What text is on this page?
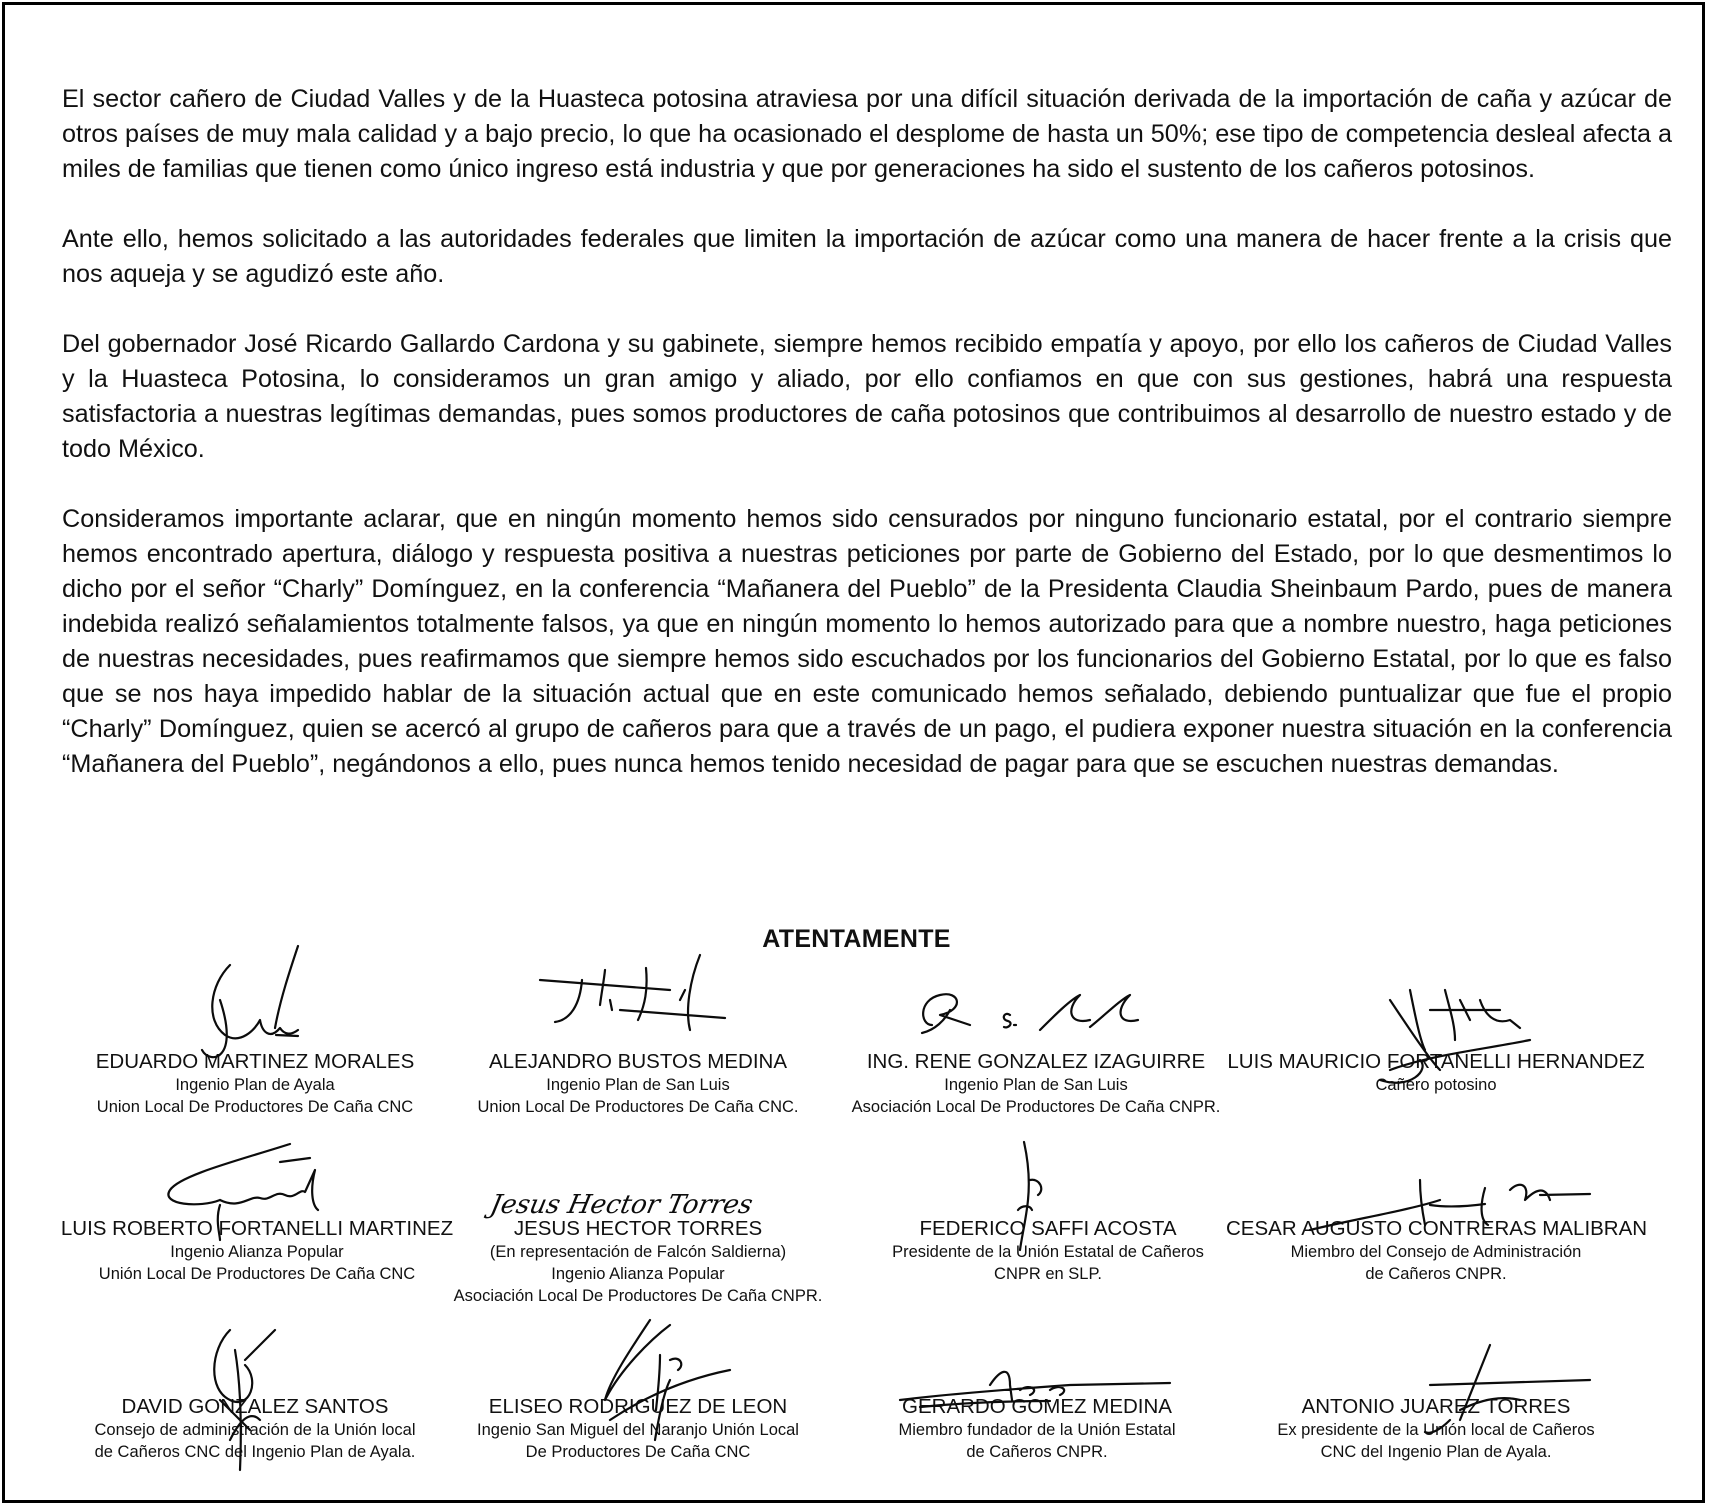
El sector cañero de Ciudad Valles y de la Huasteca potosina atraviesa por una difícil situación derivada de la importación de caña y azúcar de otros países de muy mala calidad y a bajo precio, lo que ha ocasionado el desplome de hasta un 50%; ese tipo de competencia desleal afecta a miles de familias que tienen como único ingreso está industria y que por generaciones ha sido el sustento de los cañeros potosinos.

Ante ello, hemos solicitado a las autoridades federales que limiten la importación de azúcar como una manera de hacer frente a la crisis que nos aqueja y se agudizó este año.

Del gobernador José Ricardo Gallardo Cardona y su gabinete, siempre hemos recibido empatía y apoyo, por ello los cañeros de Ciudad Valles y la Huasteca Potosina, lo consideramos un gran amigo y aliado, por ello confiamos en que con sus gestiones, habrá una respuesta satisfactoria a nuestras legítimas demandas, pues somos productores de caña potosinos que contribuimos al desarrollo de nuestro estado y de todo México.

Consideramos importante aclarar, que en ningún momento hemos sido censurados por ninguno funcionario estatal, por el contrario siempre hemos encontrado apertura, diálogo y respuesta positiva a nuestras peticiones por parte de Gobierno del Estado, por lo que desmentimos lo dicho por el señor “Charly” Domínguez, en la conferencia “Mañanera del Pueblo” de la Presidenta Claudia Sheinbaum Pardo, pues de manera indebida realizó señalamientos totalmente falsos, ya que en ningún momento lo hemos autorizado para que a nombre nuestro, haga peticiones de nuestras necesidades, pues reafirmamos que siempre hemos sido escuchados por los funcionarios del Gobierno Estatal, por lo que es falso que se nos haya impedido hablar de la situación actual que en este comunicado hemos señalado, debiendo puntualizar que fue el propio “Charly” Domínguez, quien se acercó al grupo de cañeros para que a través de un pago, el pudiera exponer nuestra situación en la conferencia “Mañanera del Pueblo”, negándonos a ello, pues nunca hemos tenido necesidad de pagar para que se escuchen nuestras demandas.

ATENTAMENTE
EDUARDO MARTINEZ MORALES
Ingenio Plan de Ayala
Union Local De Productores De Caña CNC
ALEJANDRO BUSTOS MEDINA
Ingenio Plan de San Luis
Union Local De Productores De Caña CNC.
ING. RENE GONZALEZ IZAGUIRRE
Ingenio Plan de San Luis
Asociación Local De Productores De Caña CNPR.
LUIS MAURICIO FORTANELLI HERNANDEZ
Cañero potosino
LUIS ROBERTO FORTANELLI MARTINEZ
Ingenio Alianza Popular
Unión Local De Productores De Caña CNC
JESUS HECTOR TORRES
(En representación de Falcón Saldierna)
Ingenio Alianza Popular
Asociación Local De Productores De Caña CNPR.
FEDERICO SAFFI ACOSTA
Presidente de la Unión Estatal de Cañeros
CNPR en SLP.
CESAR AUGUSTO CONTRERAS MALIBRAN
Miembro del Consejo de Administración
de Cañeros CNPR.
DAVID GONZALEZ SANTOS
Consejo de administración de la Unión local
de Cañeros CNC del Ingenio Plan de Ayala.
ELISEO RODRIGUEZ DE LEON
Ingenio San Miguel del Naranjo Unión Local
De Productores De Caña CNC
GERARDO GOMEZ MEDINA
Miembro fundador de la Unión Estatal
de Cañeros CNPR.
ANTONIO JUAREZ TORRES
Ex presidente de la Unión local de Cañeros
CNC del Ingenio Plan de Ayala.
Jesus Hector Torres
